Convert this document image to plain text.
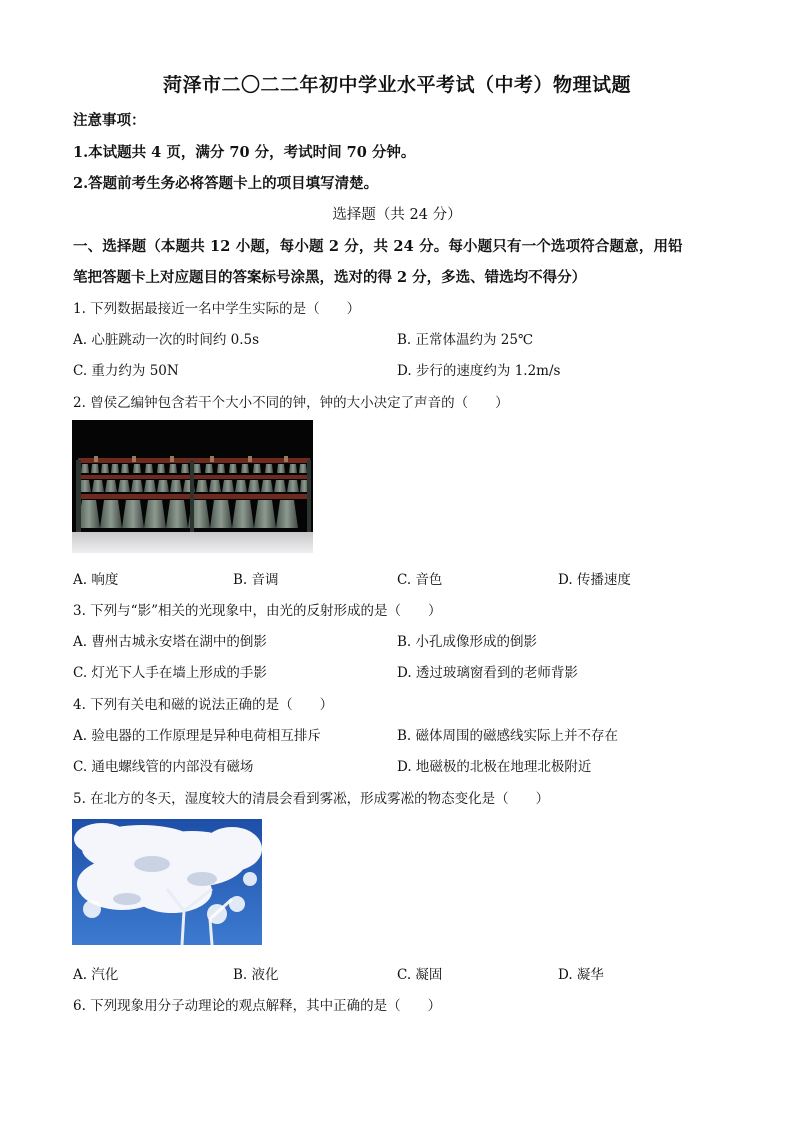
菏泽市二〇二二年初中学业水平考试（中考）物理试题
注意事项：
1.本试题共 4 页，满分 70 分，考试时间 70 分钟。
2.答题前考生务必将答题卡上的项目填写清楚。
选择题（共 24 分）
一、选择题（本题共 12 小题，每小题 2 分，共 24 分。每小题只有一个选项符合题意，用铅
笔把答题卡上对应题目的答案标号涂黑，选对的得 2 分，多选、错选均不得分）
1. 下列数据最接近一名中学生实际的是（　　）
A. 心脏跳动一次的时间约 0.5s	B. 正常体温约为 25℃
C. 重力约为 50N	D. 步行的速度约为 1.2m/s
2. 曾侯乙编钟包含若干个大小不同的钟，钟的大小决定了声音的（　　）
A. 响度	B. 音调	C. 音色	D. 传播速度
3. 下列与“影”相关的光现象中，由光的反射形成的是（　　）
A. 曹州古城永安塔在湖中的倒影	B. 小孔成像形成的倒影
C. 灯光下人手在墙上形成的手影	D. 透过玻璃窗看到的老师背影
4. 下列有关电和磁的说法正确的是（　　）
A. 验电器的工作原理是异种电荷相互排斥	B. 磁体周围的磁感线实际上并不存在
C. 通电螺线管的内部没有磁场	D. 地磁极的北极在地理北极附近
5. 在北方的冬天，湿度较大的清晨会看到雾凇，形成雾凇的物态变化是（　　）
A. 汽化	B. 液化	C. 凝固	D. 凝华
6. 下列现象用分子动理论的观点解释，其中正确的是（　　）
